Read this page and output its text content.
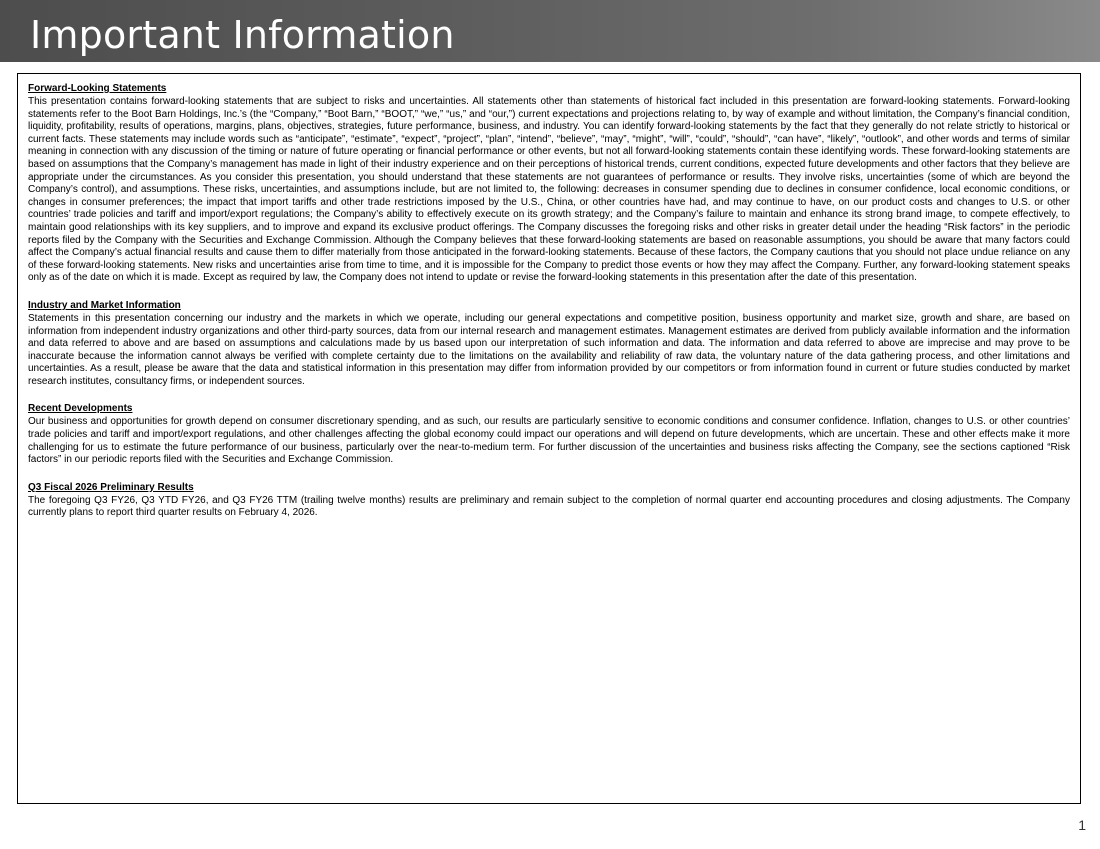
Important Information
Forward-Looking Statements

This presentation contains forward-looking statements that are subject to risks and uncertainties. All statements other than statements of historical fact included in this presentation are forward-looking statements. Forward-looking statements refer to the Boot Barn Holdings, Inc.’s (the “Company,” “Boot Barn,” “BOOT,” “we,” “us,” and “our,”) current expectations and projections relating to, by way of example and without limitation, the Company’s financial condition, liquidity, profitability, results of operations, margins, plans, objectives, strategies, future performance, business, and industry. You can identify forward-looking statements by the fact that they generally do not relate strictly to historical or current facts. These statements may include words such as “anticipate”, “estimate”, “expect”, “project”, “plan”, “intend”, “believe”, “may”, “might”, “will”, “could”, “should”, “can have”, “likely”, “outlook”, and other words and terms of similar meaning in connection with any discussion of the timing or nature of future operating or financial performance or other events, but not all forward-looking statements contain these identifying words. These forward-looking statements are based on assumptions that the Company’s management has made in light of their industry experience and on their perceptions of historical trends, current conditions, expected future developments and other factors that they believe are appropriate under the circumstances. As you consider this presentation, you should understand that these statements are not guarantees of performance or results. They involve risks, uncertainties (some of which are beyond the Company’s control), and assumptions. These risks, uncertainties, and assumptions include, but are not limited to, the following: decreases in consumer spending due to declines in consumer confidence, local economic conditions, or changes in consumer preferences; the impact that import tariffs and other trade restrictions imposed by the U.S., China, or other countries have had, and may continue to have, on our product costs and changes to U.S. or other countries’ trade policies and tariff and import/export regulations; the Company’s ability to effectively execute on its growth strategy; and the Company’s failure to maintain and enhance its strong brand image, to compete effectively, to maintain good relationships with its key suppliers, and to improve and expand its exclusive product offerings. The Company discusses the foregoing risks and other risks in greater detail under the heading “Risk factors” in the periodic reports filed by the Company with the Securities and Exchange Commission. Although the Company believes that these forward-looking statements are based on reasonable assumptions, you should be aware that many factors could affect the Company’s actual financial results and cause them to differ materially from those anticipated in the forward-looking statements. Because of these factors, the Company cautions that you should not place undue reliance on any of these forward-looking statements. New risks and uncertainties arise from time to time, and it is impossible for the Company to predict those events or how they may affect the Company. Further, any forward-looking statement speaks only as of the date on which it is made. Except as required by law, the Company does not intend to update or revise the forward-looking statements in this presentation after the date of this presentation.

Industry and Market Information

Statements in this presentation concerning our industry and the markets in which we operate, including our general expectations and competitive position, business opportunity and market size, growth and share, are based on information from independent industry organizations and other third-party sources, data from our internal research and management estimates. Management estimates are derived from publicly available information and the information and data referred to above and are based on assumptions and calculations made by us based upon our interpretation of such information and data. The information and data referred to above are imprecise and may prove to be inaccurate because the information cannot always be verified with complete certainty due to the limitations on the availability and reliability of raw data, the voluntary nature of the data gathering process, and other limitations and uncertainties. As a result, please be aware that the data and statistical information in this presentation may differ from information provided by our competitors or from information found in current or future studies conducted by market research institutes, consultancy firms, or independent sources.

Recent Developments

Our business and opportunities for growth depend on consumer discretionary spending, and as such, our results are particularly sensitive to economic conditions and consumer confidence. Inflation, changes to U.S. or other countries’ trade policies and tariff and import/export regulations, and other challenges affecting the global economy could impact our operations and will depend on future developments, which are uncertain. These and other effects make it more challenging for us to estimate the future performance of our business, particularly over the near-to-medium term. For further discussion of the uncertainties and business risks affecting the Company, see the sections captioned “Risk factors” in our periodic reports filed with the Securities and Exchange Commission.

Q3 Fiscal 2026 Preliminary Results

The foregoing Q3 FY26, Q3 YTD FY26, and Q3 FY26 TTM (trailing twelve months) results are preliminary and remain subject to the completion of normal quarter end accounting procedures and closing adjustments. The Company currently plans to report third quarter results on February 4, 2026.

1
